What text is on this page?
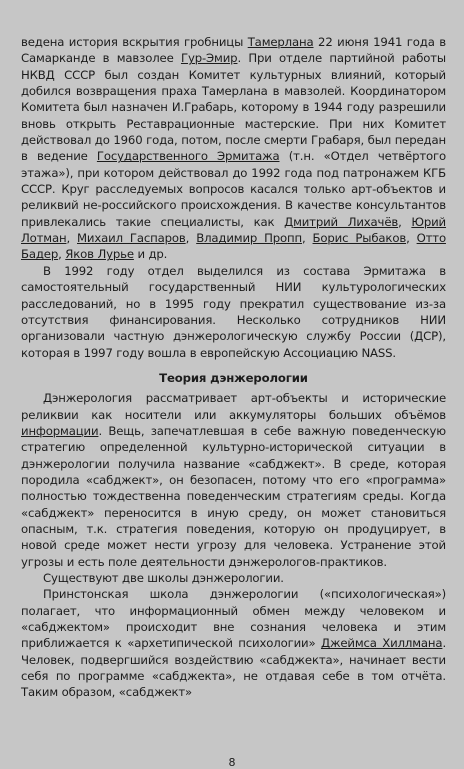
ведена история вскрытия гробницы Тамерлана 22 июня 1941 года в Самарканде в мавзолее Гур-Эмир. При отделе партийной работы НКВД СССР был создан Комитет культурных влияний, который добился возвращения праха Тамерлана в мавзолей. Координатором Комитета был назначен И.Грабарь, которому в 1944 году разрешили вновь открыть Реставрационные мастерские. При них Комитет действовал до 1960 года, потом, после смерти Грабаря, был передан в ведение Государственного Эрмитажа (т.н. «Отдел четвёртого этажа»), при котором действовал до 1992 года под патронажем КГБ СССР. Круг расследуемых вопросов касался только арт-объектов и реликвий не-российского происхождения. В качестве консультантов привлекались такие специалисты, как Дмитрий Лихачёв, Юрий Лотман, Михаил Гаспаров, Владимир Пропп, Борис Рыбаков, Отто Бадер, Яков Лурье и др.

В 1992 году отдел выделился из состава Эрмитажа в самостоятельный государственный НИИ культурологических расследований, но в 1995 году прекратил существование из-за отсутствия финансирования. Несколько сотрудников НИИ организовали частную дэнжерологическую службу России (ДСР), которая в 1997 году вошла в европейскую Ассоциацию NASS.

Теория дэнжерологии

Дэнжерология рассматривает арт-объекты и исторические реликвии как носители или аккумуляторы больших объёмов информации. Вещь, запечатлевшая в себе важную поведенческую стратегию определенной культурно-исторической ситуации в дэнжерологии получила название «сабджект». В среде, которая породила «сабджект», он безопасен, потому что его «программа» полностью тождественна поведенческим стратегиям среды. Когда «сабджект» переносится в иную среду, он может становиться опасным, т.к. стратегия поведения, которую он продуцирует, в новой среде может нести угрозу для человека. Устранение этой угрозы и есть поле деятельности дэнжерологов-практиков.

Существуют две школы дэнжерологии.

Принстонская школа дэнжерологии («психологическая») полагает, что информационный обмен между человеком и «сабджектом» происходит вне сознания человека и этим приближается к «архетипической психологии» Джеймса Хиллмана. Человек, подвергшийся воздействию «сабджекта», начинает вести себя по программе «сабджекта», не отдавая себе в том отчёта. Таким образом, «сабджект»

8
